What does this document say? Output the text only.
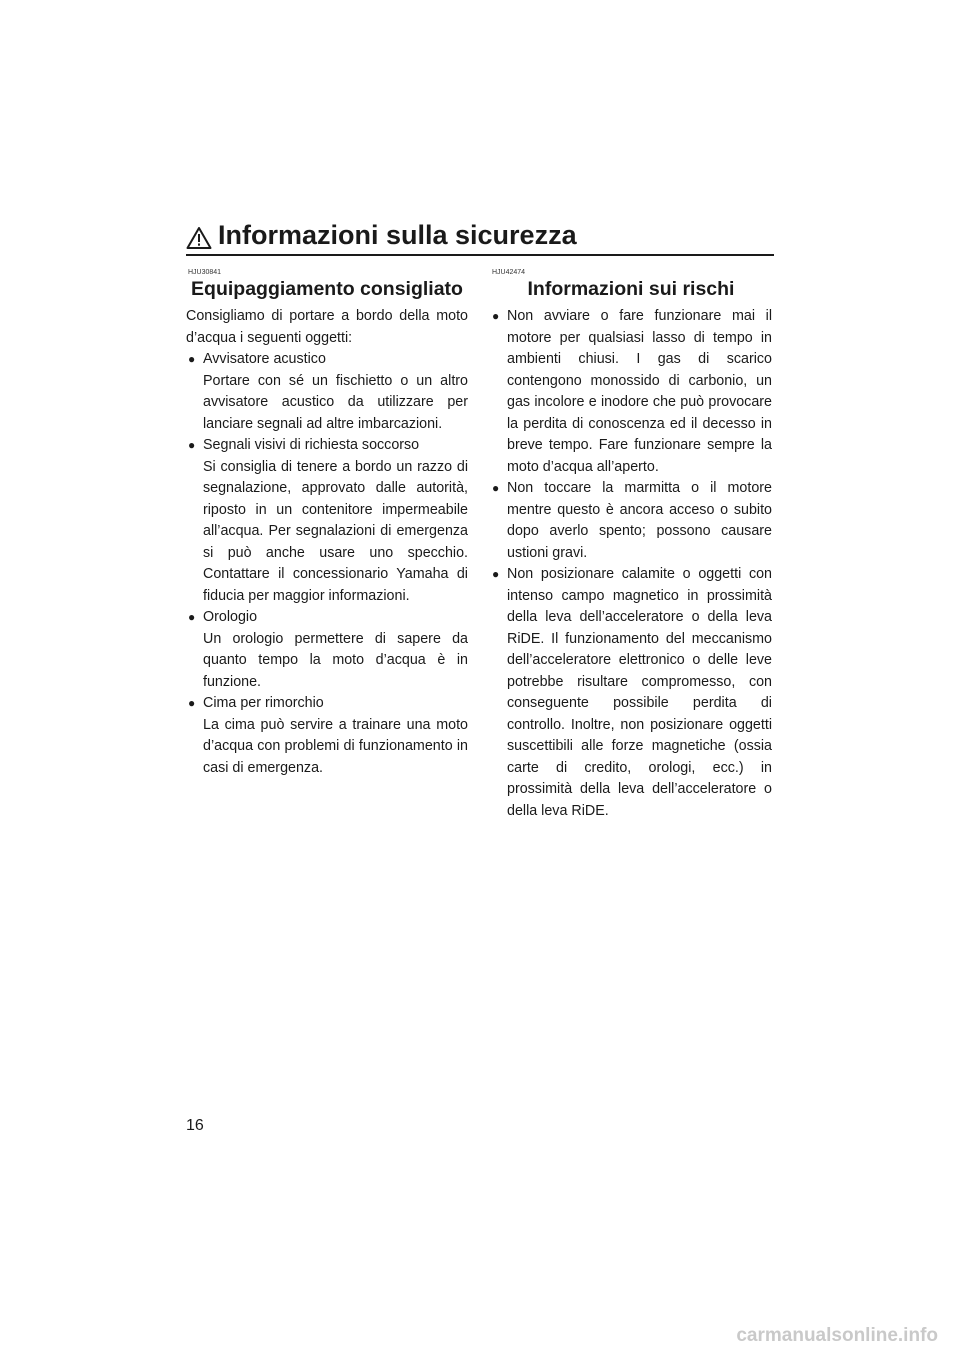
Informazioni sulla sicurezza
HJU30841
Equipaggiamento consigliato

Consigliamo di portare a bordo della moto d’acqua i seguenti oggetti:

● Avvisatore acustico
Portare con sé un fischietto o un altro avvisatore acustico da utilizzare per lanciare segnali ad altre imbarcazioni.
● Segnali visivi di richiesta soccorso
Si consiglia di tenere a bordo un razzo di segnalazione, approvato dalle autorità, riposto in un contenitore impermeabile all’acqua. Per segnalazioni di emergenza si può anche usare uno specchio. Contattare il concessionario Yamaha di fiducia per maggior informazioni.
● Orologio
Un orologio permettere di sapere da quanto tempo la moto d’acqua è in funzione.
● Cima per rimorchio
La cima può servire a trainare una moto d’acqua con problemi di funzionamento in casi di emergenza.
HJU42474
Informazioni sui rischi
● Non avviare o fare funzionare mai il motore per qualsiasi lasso di tempo in ambienti chiusi. I gas di scarico contengono monossido di carbonio, un gas incolore e inodore che può provocare la perdita di conoscenza ed il decesso in breve tempo. Fare funzionare sempre la moto d’acqua all’aperto.
● Non toccare la marmitta o il motore mentre questo è ancora acceso o subito dopo averlo spento; possono causare ustioni gravi.
● Non posizionare calamite o oggetti con intenso campo magnetico in prossimità della leva dell’acceleratore o della leva RiDE. Il funzionamento del meccanismo dell’acceleratore elettronico o delle leve potrebbe risultare compromesso, con conseguente possibile perdita di controllo. Inoltre, non posizionare oggetti suscettibili alle forze magnetiche (ossia carte di credito, orologi, ecc.) in prossimità della leva dell’acceleratore o della leva RiDE.
16
carmanualsonline.info
